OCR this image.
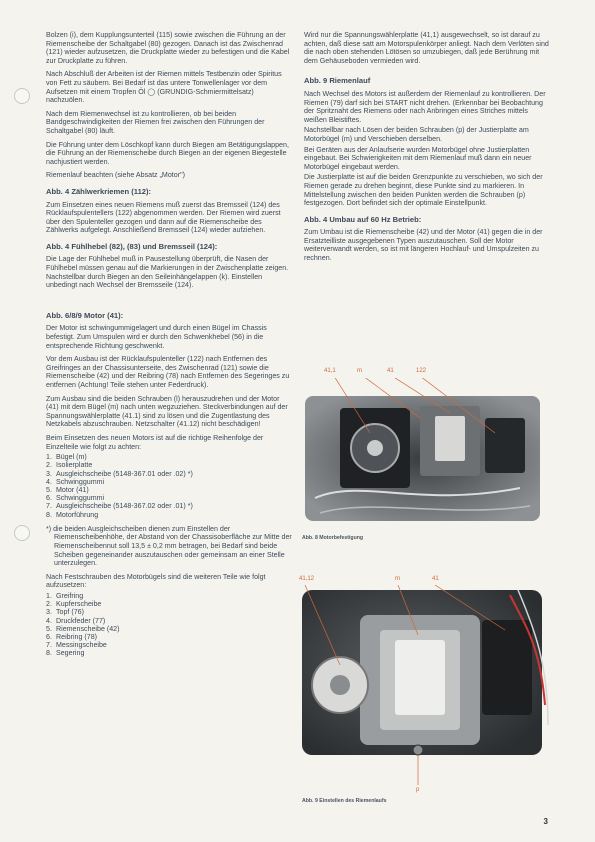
Bolzen (i), dem Kupplungsunterteil (115) sowie zwischen die Führung an der Riemenscheibe der Schaltgabel (80) gezogen. Danach ist das Zwischenrad (121) wieder aufzusetzen, die Druckplatte wieder zu befestigen und die Kabel zur Druckplatte zu führen.

Nach Abschluß der Arbeiten ist der Riemen mittels Testbenzin oder Spiritus von Fett zu säubern. Bei Bedarf ist das untere Tonwellenlager vor dem Aufsetzen mit einem Tropfen Öl ◯ (GRUNDIG-Schmiermittelsatz) nachzuölen.

Nach dem Riemenwechsel ist zu kontrollieren, ob bei beiden Bandgeschwindigkeiten der Riemen frei zwischen den Führungen der Schaltgabel (80) läuft.

Die Führung unter dem Löschkopf kann durch Biegen am Betätigungslappen, die Führung an der Riemenscheibe durch Biegen an der eigenen Biegestelle nachjustiert werden.

Riemenlauf beachten (siehe Absatz „Motor")

Abb. 4 Zählwerkriemen (112):

Zum Einsetzen eines neuen Riemens muß zuerst das Bremsseil (124) des Rücklaufspulentellers (122) abgenommen werden. Der Riemen wird zuerst über den Spulenteller gezogen und dann auf die Riemenscheibe des Zählwerks aufgelegt. Anschließend Bremsseil (124) wieder aufziehen.

Abb. 4 Fühlhebel (82), (83) und Bremsseil (124):

Die Lage der Fühlhebel muß in Pausestellung überprüft, die Nasen der Fühlhebel müssen genau auf die Markierungen in der Zwischenplatte zeigen. Nachstellbar durch Biegen an den Seileinhängelappen (k). Einstellen unbedingt nach Wechsel der Bremsseile (124).

Abb. 6/8/9 Motor (41):

Der Motor ist schwingummigelagert und durch einen Bügel im Chassis befestigt. Zum Umspulen wird er durch den Schwenkhebel (56) in die entsprechende Richtung geschwenkt.

Vor dem Ausbau ist der Rücklaufspulenteller (122) nach Entfernen des Greifringes an der Chassisunterseite, des Zwischenrad (121) sowie die Riemenscheibe (42) und der Reibring (78) nach Entfernen des Segeringes zu entfernen (Achtung! Teile stehen unter Federdruck).

Zum Ausbau sind die beiden Schrauben (l) herauszudrehen und der Motor (41) mit dem Bügel (m) nach unten wegzuziehen. Steckverbindungen auf der Spannungswählerplatte (41.1) sind zu lösen und die Zugentlastung des Netzkabels abzuschrauben. Netzschalter (41.12) nicht beschädigen!

Beim Einsetzen des neuen Motors ist auf die richtige Reihenfolge der Einzelteile wie folgt zu achten:

1. Bügel (m)
2. Isolierplatte
3. Ausgleichscheibe (5148-367.01 oder .02) *)
4. Schwinggummi
5. Motor (41)
6. Schwinggummi
7. Ausgleichscheibe (5148-367.02 oder .01) *)
8. Motorführung

*) die beiden Ausgleichscheiben dienen zum Einstellen der Riemenscheibenhöhe, der Abstand von der Chassisoberfläche zur Mitte der Riemenscheibennut soll 13,5 ± 0,2 mm betragen, bei Bedarf sind beide Scheiben gegeneinander auszutauschen oder gemeinsam an einer Stelle unterzulegen.

Nach Festschrauben des Motorbügels sind die weiteren Teile wie folgt aufzusetzen:

1. Greifring
2. Kupferscheibe
3. Topf (76)
4. Druckfeder (77)
5. Riemenscheibe (42)
6. Reibring (78)
7. Messingscheibe
8. Segering

Wird nur die Spannungswählerplatte (41,1) ausgewechselt, so ist darauf zu achten, daß diese satt am Motorspulenkörper anliegt. Nach dem Verlöten sind die nach oben stehenden Lötösen so umzubiegen, daß jede Berührung mit dem Gehäuseboden vermieden wird.

Abb. 9 Riemenlauf

Nach Wechsel des Motors ist außerdem der Riemenlauf zu kontrollieren. Der Riemen (79) darf sich bei START nicht drehen. (Erkennbar bei Beobachtung der Spritznaht des Riemens oder nach Anbringen eines Striches mittels weißen Bleistiftes.

Nachstellbar nach Lösen der beiden Schrauben (p) der Justierplatte am Motorbügel (m) und Verschieben derselben.

Bei Geräten aus der Anlaufserie wurden Motorbügel ohne Justierplatten eingebaut. Bei Schwierigkeiten mit dem Riemenlauf muß dann ein neuer Motorbügel eingebaut werden.

Die Justierplatte ist auf die beiden Grenzpunkte zu verschieben, wo sich der Riemen gerade zu drehen beginnt, diese Punkte sind zu markieren. In Mittelstellung zwischen den beiden Punkten werden die Schrauben (p) festgezogen. Dort befindet sich der optimale Einstellpunkt.

Abb. 4 Umbau auf 60 Hz Betrieb:

Zum Umbau ist die Riemenscheibe (42) und der Motor (41) gegen die in der Ersatzteilliste ausgegebenen Typen auszutauschen. Soll der Motor weiterverwandt werden, so ist mit längeren Hochlauf- und Umspulzeiten zu rechnen.

41,1	m	41	122
Abb. 8 Motorbefestigung
41,12	m	41
p
Abb. 9 Einstellen des Riemenlaufs
3
